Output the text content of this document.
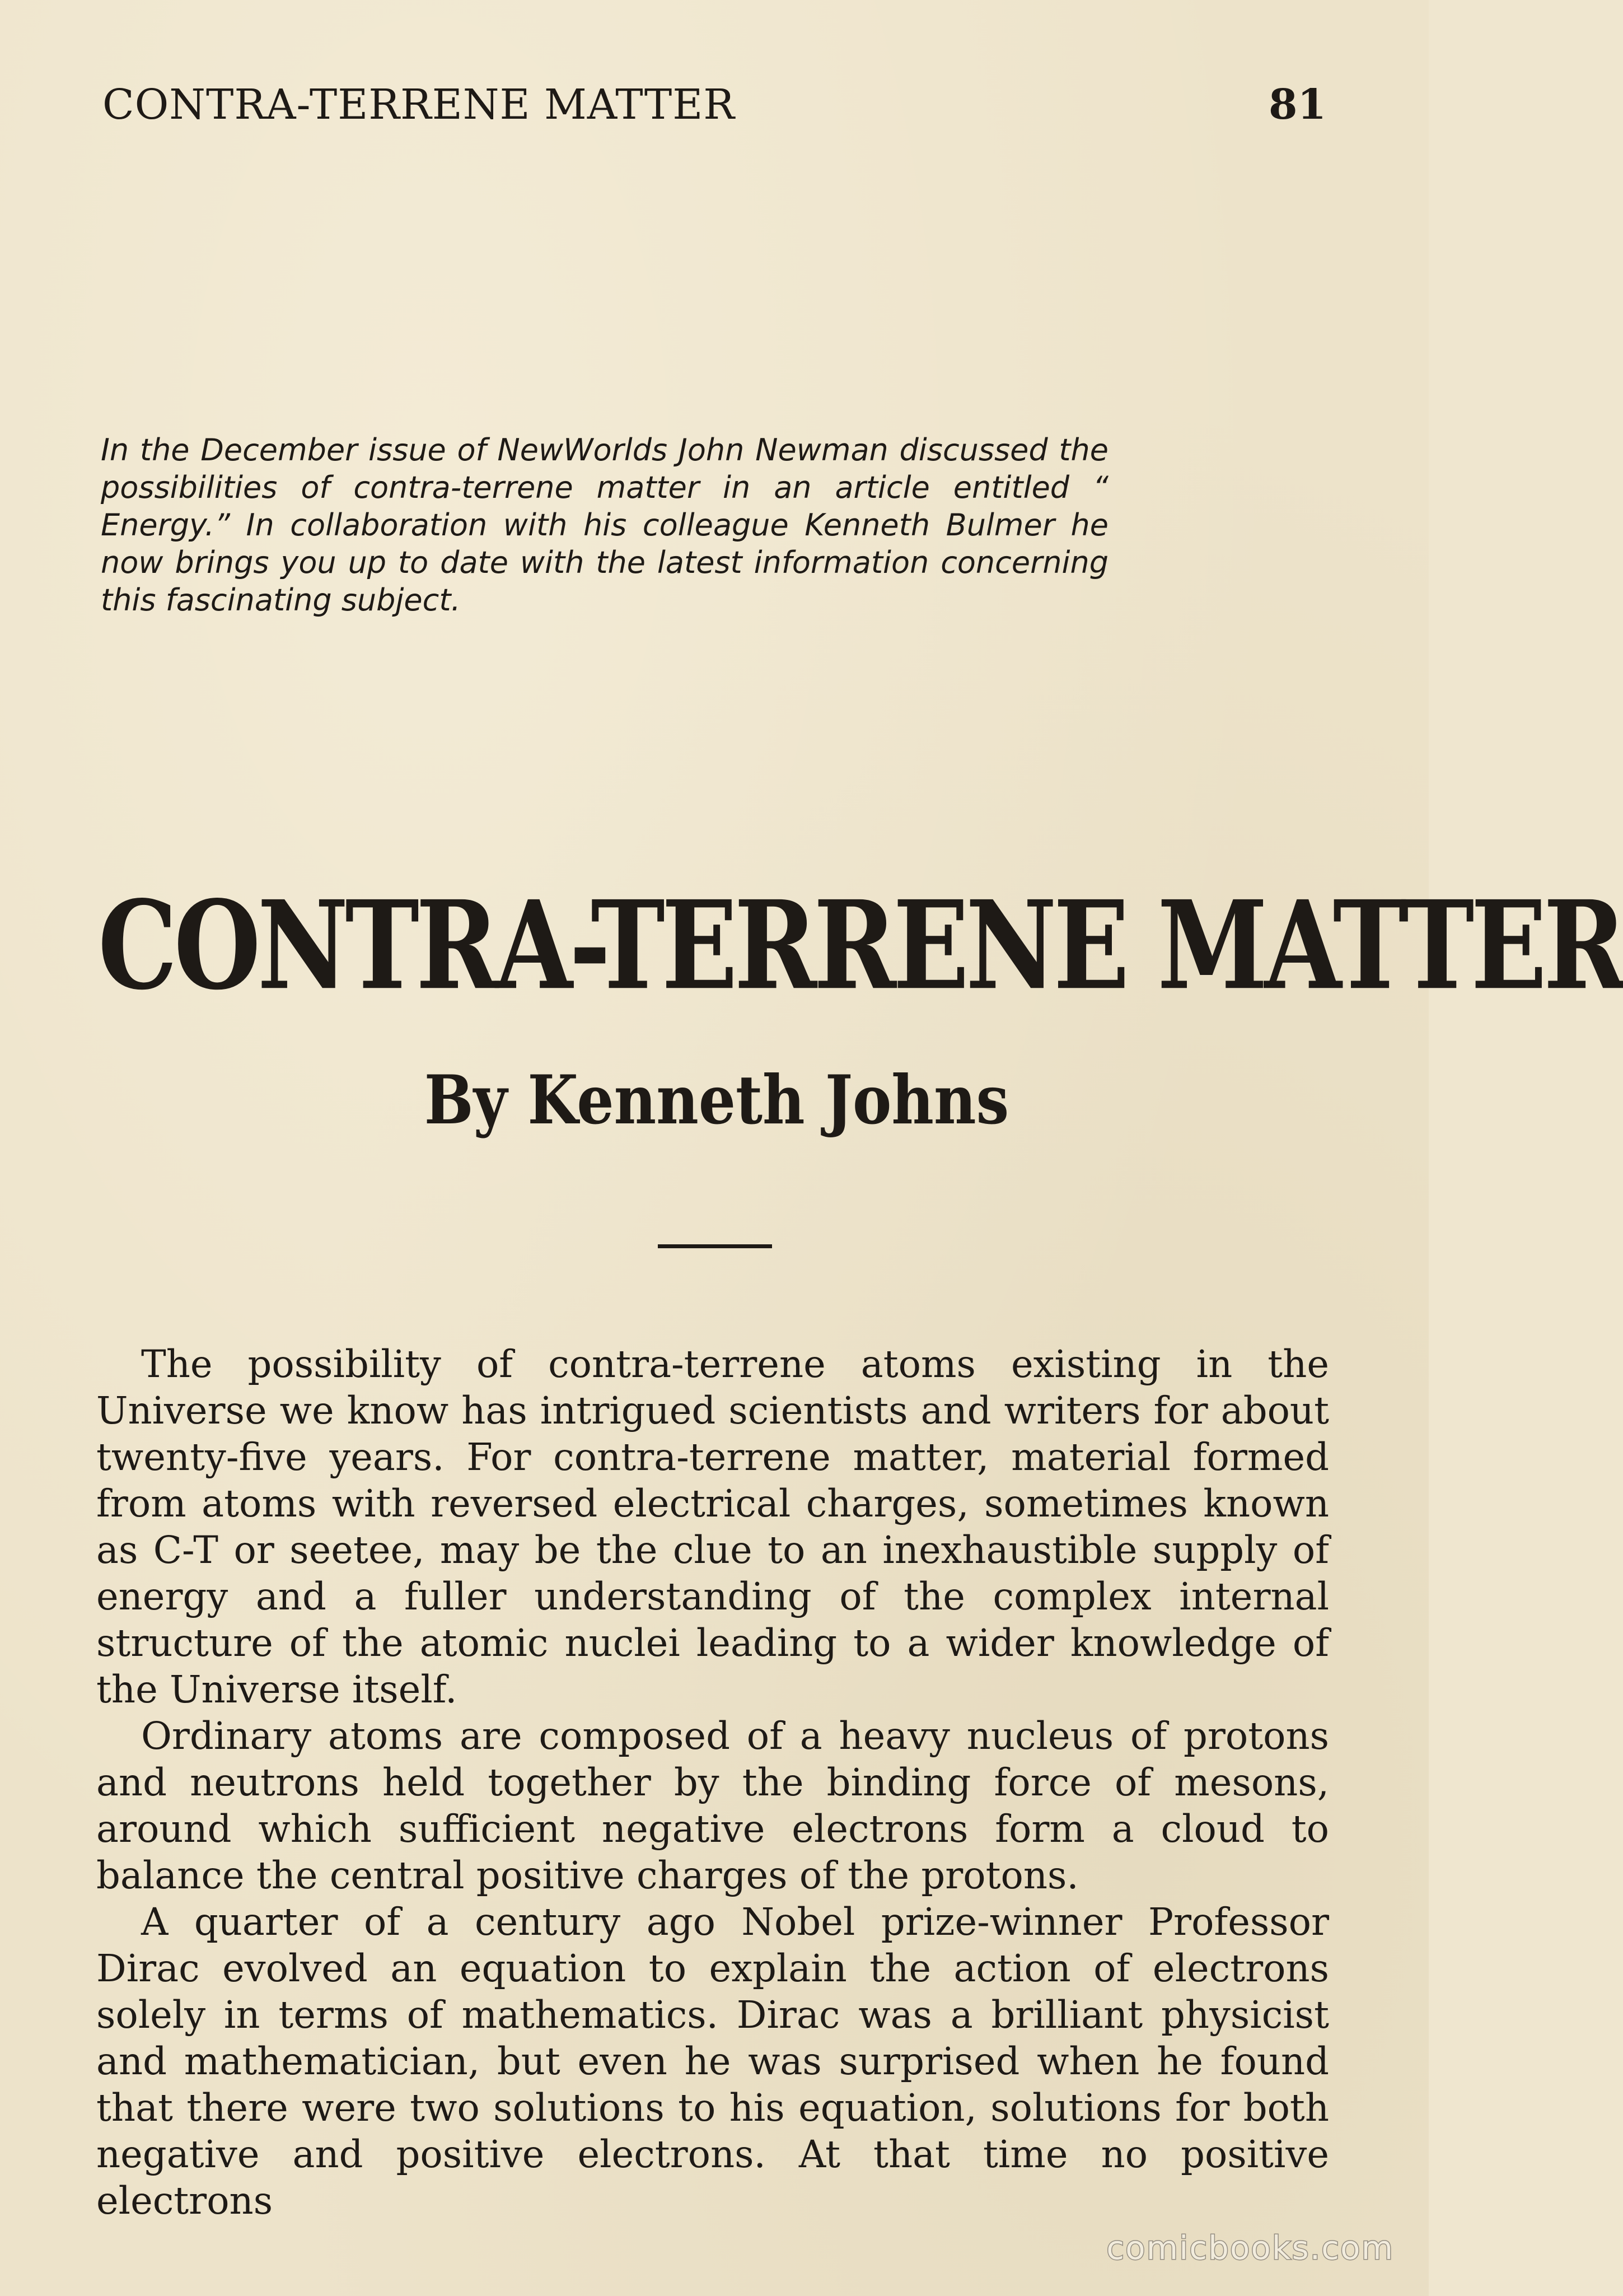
CONTRA-TERRENE MATTER	81

In the December issue of NewWorlds John Newman discussed the possibilities of contra-terrene matter in an article entitled “ Energy.” In collaboration with his colleague Kenneth Bulmer he now brings you up to date with the latest information concerning this fascinating subject.

CONTRA-TERRENE MATTER
By Kenneth Johns

The possibility of contra-terrene atoms existing in the Universe we know has intrigued scientists and writers for about twenty-five years. For contra-terrene matter, material formed from atoms with reversed electrical charges, sometimes known as C-T or seetee, may be the clue to an inexhaustible supply of energy and a fuller understanding of the complex internal structure of the atomic nuclei leading to a wider knowledge of the Universe itself.

Ordinary atoms are composed of a heavy nucleus of protons and neutrons held together by the binding force of mesons, around which sufficient negative electrons form a cloud to balance the central positive charges of the protons.

A quarter of a century ago Nobel prize-winner Professor Dirac evolved an equation to explain the action of electrons solely in terms of mathematics. Dirac was a brilliant physicist and mathematician, but even he was surprised when he found that there were two solutions to his equation, solutions for both negative and positive electrons. At that time no positive electrons

comicbooks.com
